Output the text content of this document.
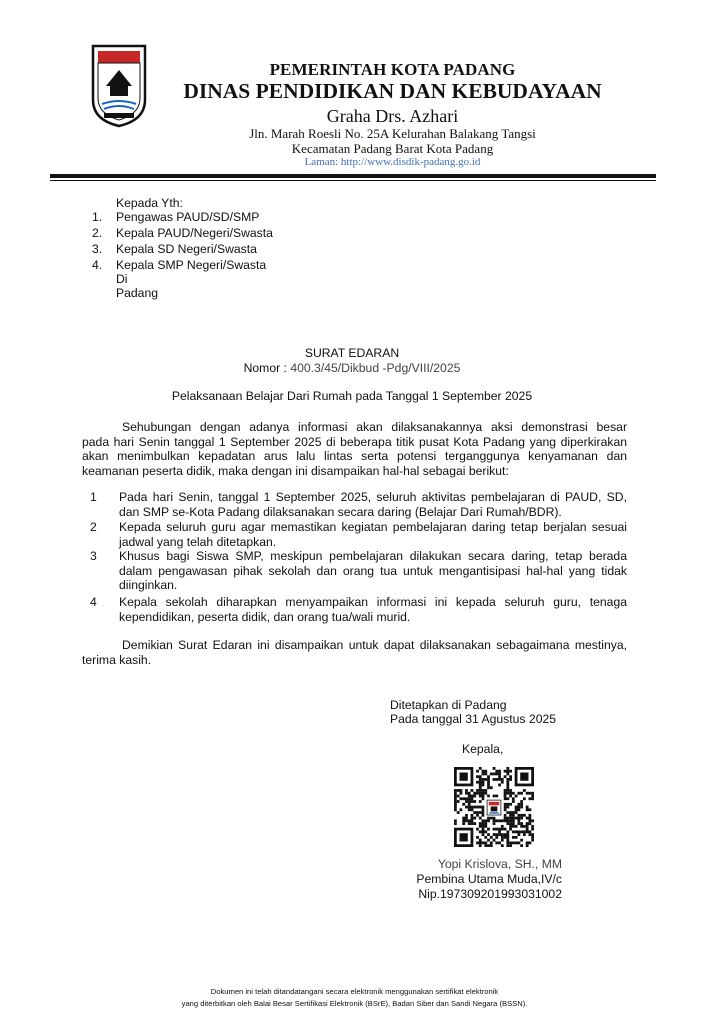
PEMERINTAH KOTA PADANG
DINAS PENDIDIKAN DAN KEBUDAYAAN
Graha Drs. Azhari
Jln. Marah Roesli No. 25A Kelurahan Balakang Tangsi
Kecamatan Padang Barat Kota Padang
Laman: http://www.disdik-padang.go.id
Kepada Yth:
1. Pengawas PAUD/SD/SMP
2. Kepala PAUD/Negeri/Swasta
3. Kepala SD Negeri/Swasta
4. Kepala SMP Negeri/Swasta
Di
Padang
SURAT EDARAN
Nomor : 400.3/45/Dikbud -Pdg/VIII/2025
Pelaksanaan Belajar Dari Rumah pada Tanggal 1 September 2025
Sehubungan dengan adanya informasi akan dilaksanakannya aksi demonstrasi besar
pada hari Senin tanggal 1 September 2025 di beberapa titik pusat Kota Padang yang diperkirakan
akan menimbulkan kepadatan arus lalu lintas serta potensi terganggunya kenyamanan dan
keamanan peserta didik, maka dengan ini disampaikan hal-hal sebagai berikut:
1 Pada hari Senin, tanggal 1 September 2025, seluruh aktivitas pembelajaran di PAUD, SD, dan SMP se-Kota Padang dilaksanakan secara daring (Belajar Dari Rumah/BDR).
2 Kepada seluruh guru agar memastikan kegiatan pembelajaran daring tetap berjalan sesuai jadwal yang telah ditetapkan.
3 Khusus bagi Siswa SMP, meskipun pembelajaran dilakukan secara daring, tetap berada dalam pengawasan pihak sekolah dan orang tua untuk mengantisipasi hal-hal yang tidak diinginkan.
4 Kepala sekolah diharapkan menyampaikan informasi ini kepada seluruh guru, tenaga kependidikan, peserta didik, dan orang tua/wali murid.
Demikian Surat Edaran ini disampaikan untuk dapat dilaksanakan sebagaimana mestinya,
terima kasih.
Ditetapkan di Padang
Pada tanggal 31 Agustus 2025
Kepala,
Yopi Krislova, SH., MM
Pembina Utama Muda,IV/c
Nip.197309201993031002
Dokumen ini telah ditandatangani secara elektronik menggunakan sertifikat elektronik
yang diterbitkan oleh Balai Besar Sertifikasi Elektronik (BSrE), Badan Siber dan Sandi Negara (BSSN).
